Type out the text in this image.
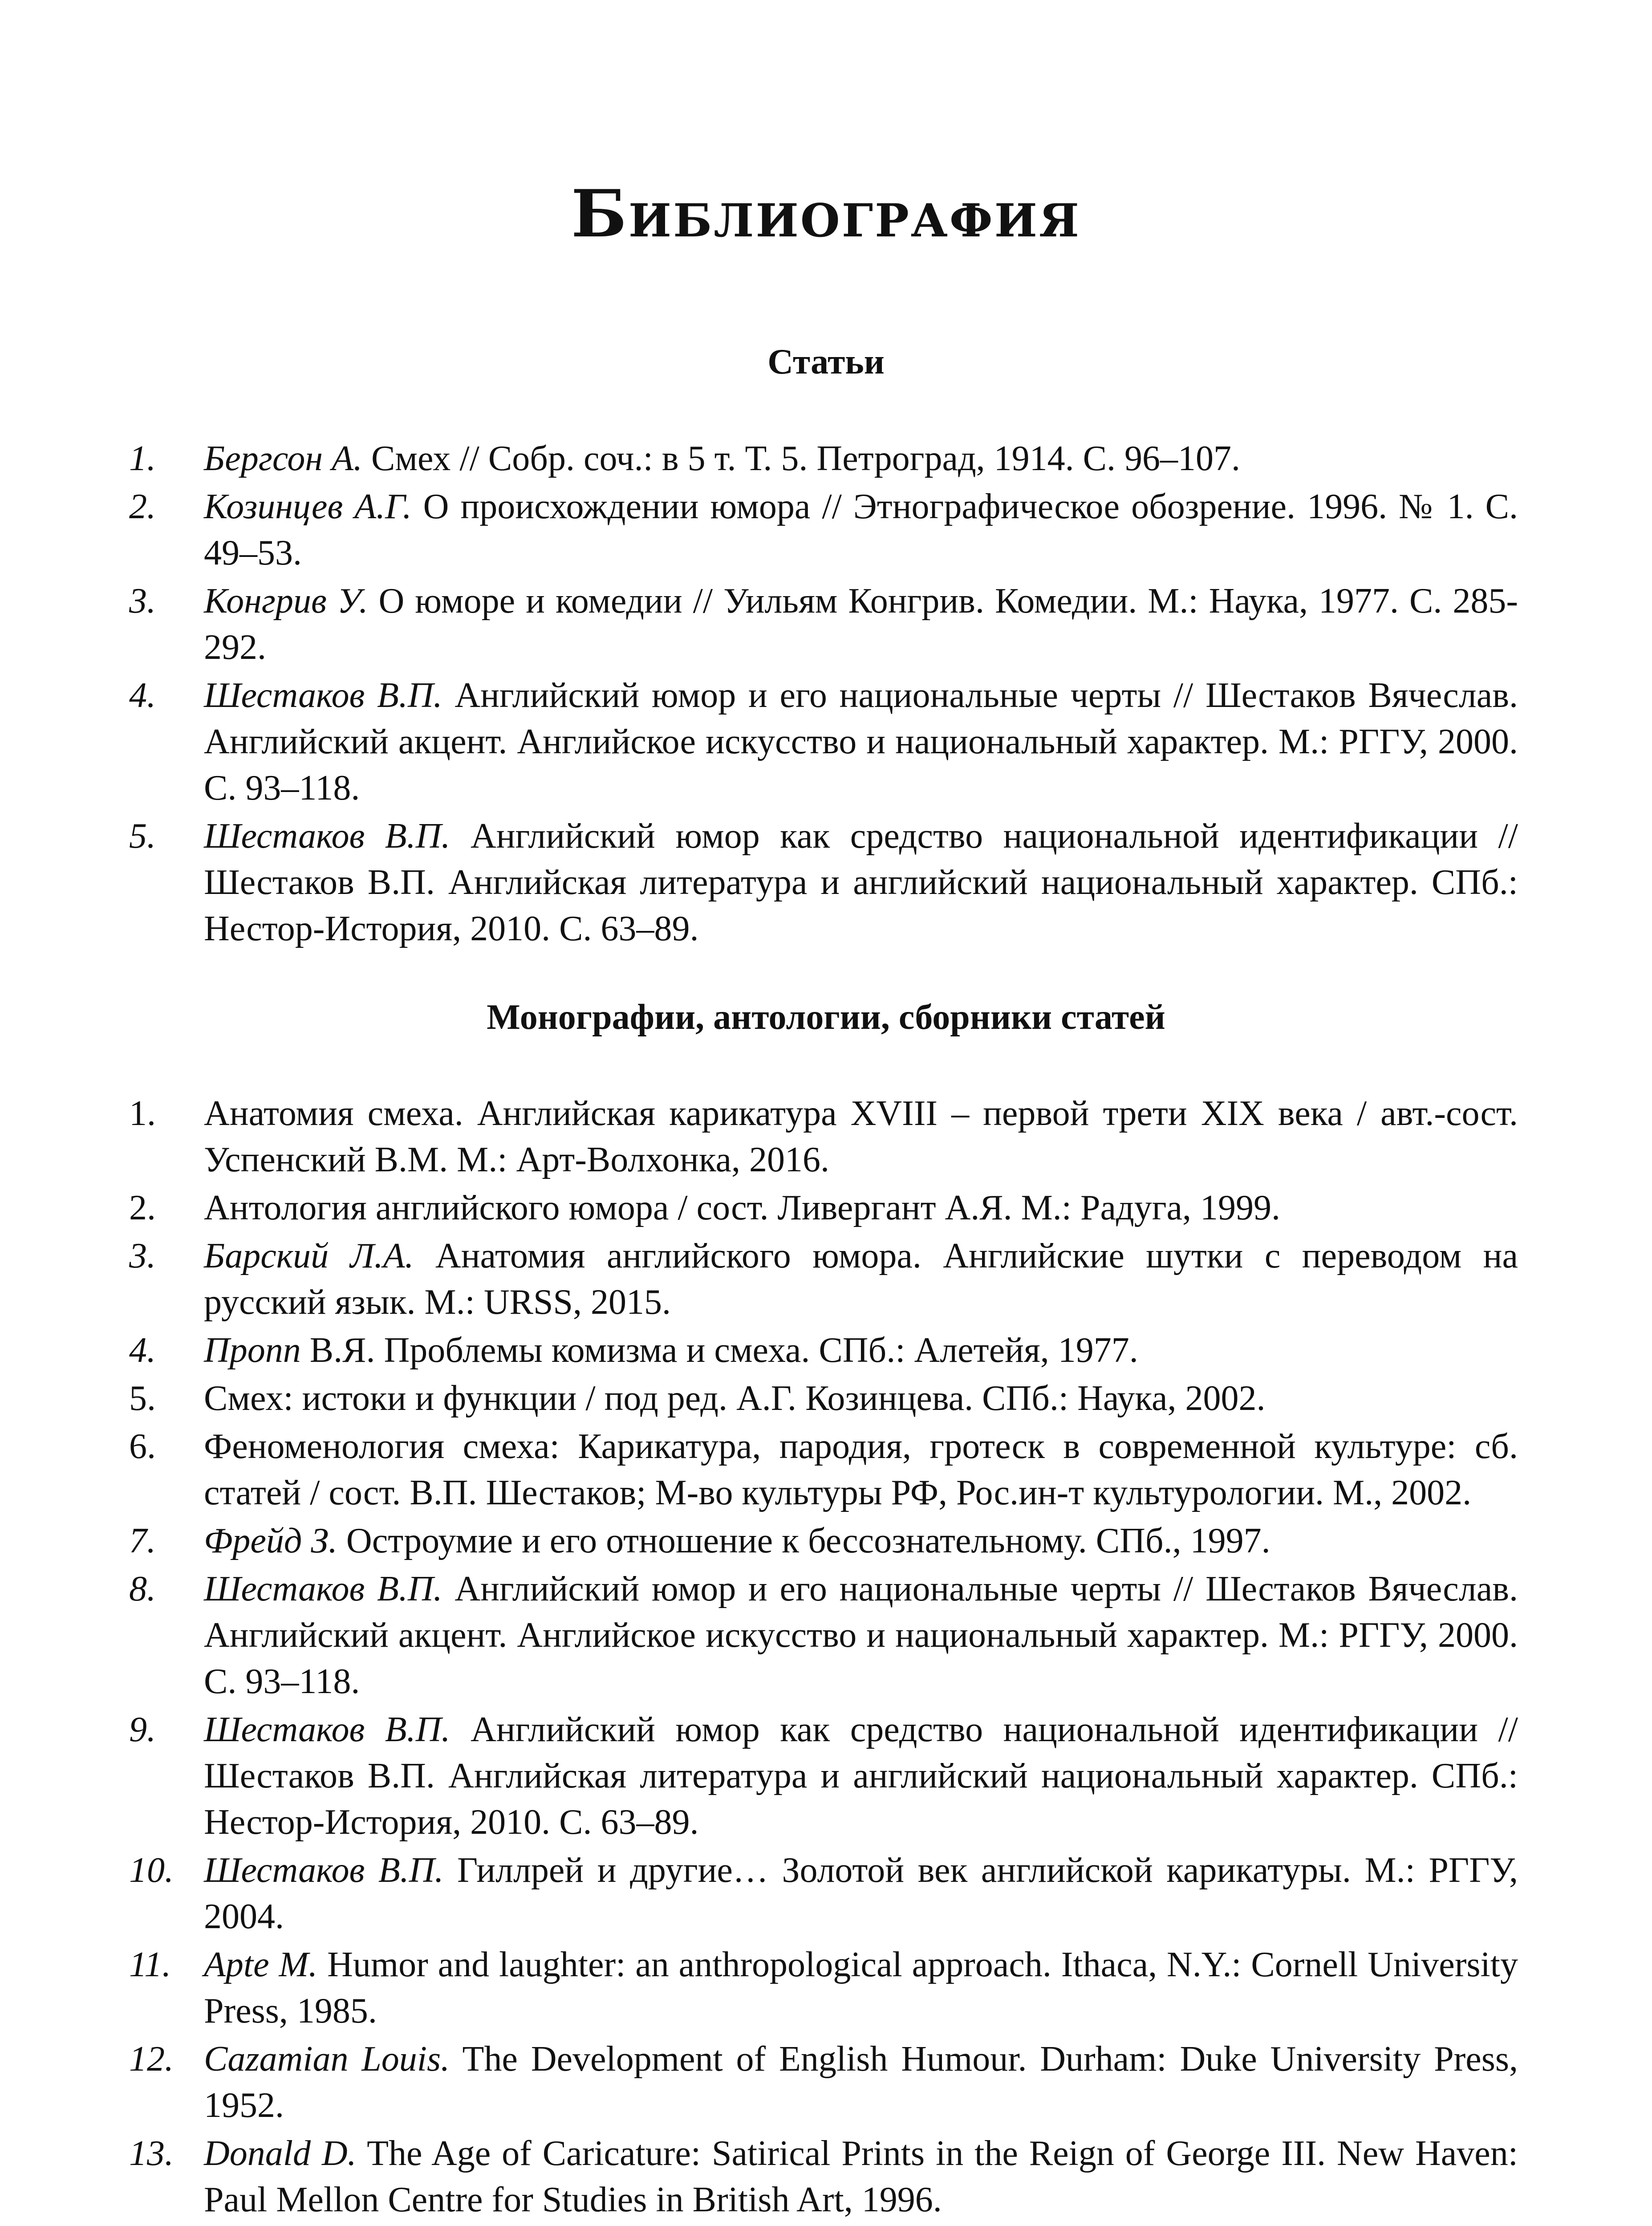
Библиография
Статьи
1.	Бергсон А. Смех // Собр. соч.: в 5 т. Т. 5. Петроград, 1914. С. 96–107.
2.	Козинцев А.Г. О происхождении юмора // Этнографическое обозрение. 1996. № 1. С. 49–53.
3.	Конгрив У. О юморе и комедии // Уильям Конгрив. Комедии. М.: Наука, 1977. С. 285-292.
4.	Шестаков В.П. Английский юмор и его национальные черты // Шестаков Вячеслав. Английский акцент. Английское искусство и национальный характер. М.: РГГУ, 2000. С. 93–118.
5.	Шестаков В.П. Английский юмор как средство национальной идентификации // Шестаков В.П. Английская литература и английский национальный характер. СПб.: Нестор-История, 2010. С. 63–89.
Монографии, антологии, сборники статей
1.	Анатомия смеха. Английская карикатура XVIII – первой трети XIX века / авт.-сост. Успенский В.М. М.: Арт-Волхонка, 2016.
2.	Антология английского юмора / сост. Ливергант А.Я. М.: Радуга, 1999.
3.	Барский Л.А. Анатомия английского юмора. Английские шутки с переводом на русский язык. М.: URSS, 2015.
4.	Пропп В.Я. Проблемы комизма и смеха. СПб.: Алетейя, 1977.
5.	Смех: истоки и функции / под ред. А.Г. Козинцева. СПб.: Наука, 2002.
6.	Феноменология смеха: Карикатура, пародия, гротеск в современной культуре: сб. статей / сост. В.П. Шестаков; М-во культуры РФ, Рос.ин-т культурологии. М., 2002.
7.	Фрейд З. Остроумие и его отношение к бессознательному. СПб., 1997.
8.	Шестаков В.П. Английский юмор и его национальные черты // Шестаков Вячеслав. Английский акцент. Английское искусство и национальный характер. М.: РГГУ, 2000. С. 93–118.
9.	Шестаков В.П. Английский юмор как средство национальной идентификации // Шестаков В.П. Английская литература и английский национальный характер. СПб.: Нестор-История, 2010. С. 63–89.
10. Шестаков В.П. Гиллрей и другие… Золотой век английской карикатуры. М.: РГГУ, 2004.
11. Apte M. Humor and laughter: an anthropological approach. Ithaca, N.Y.: Cornell University Press, 1985.
12. Cazamian Louis. The Development of English Humour. Durham: Duke University Press, 1952.
13. Donald D. The Age of Caricature: Satirical Prints in the Reign of George III. New Haven: Paul Mellon Centre for Studies in British Art, 1996.
